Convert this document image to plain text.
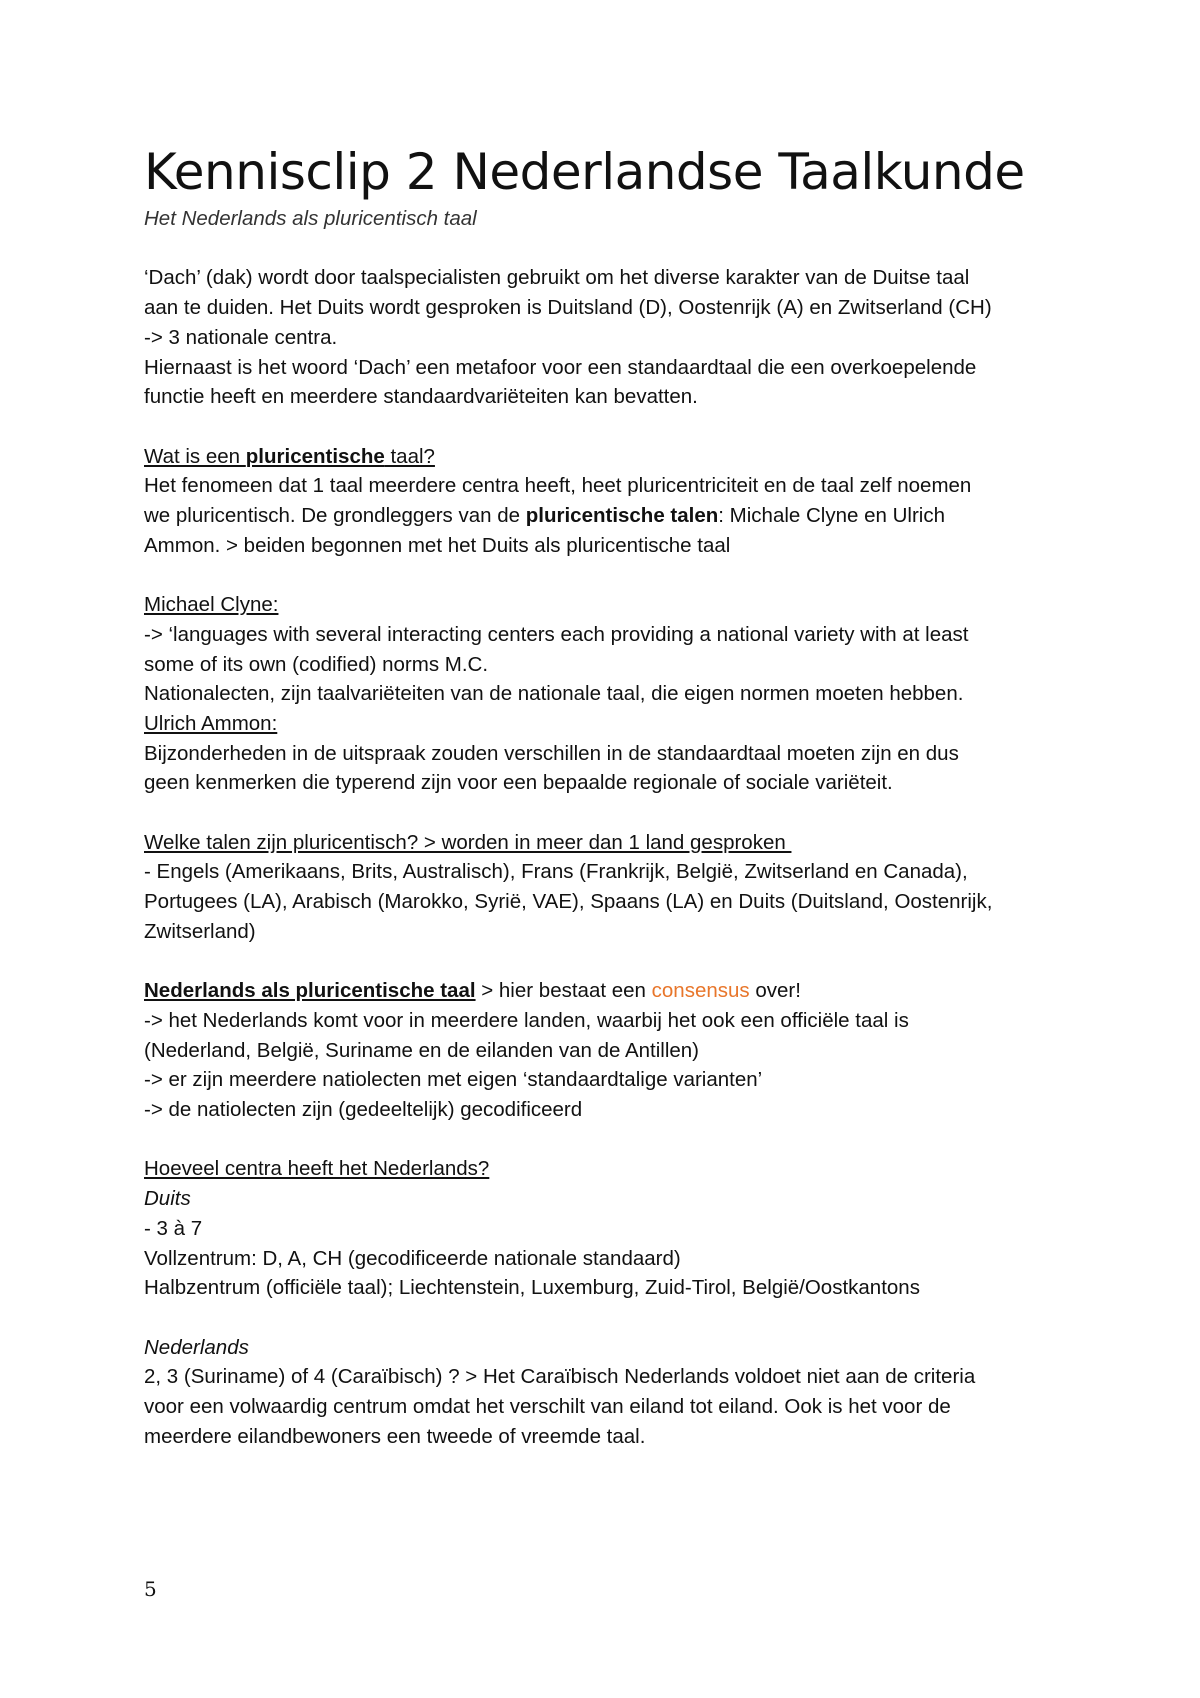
Kennisclip 2 Nederlandse Taalkunde

Het Nederlands als pluricentisch taal

‘Dach’ (dak) wordt door taalspecialisten gebruikt om het diverse karakter van de Duitse taal

aan te duiden. Het Duits wordt gesproken is Duitsland (D), Oostenrijk (A) en Zwitserland (CH)

-> 3 nationale centra.

Hiernaast is het woord ‘Dach’ een metafoor voor een standaardtaal die een overkoepelende

functie heeft en meerdere standaardvariëteiten kan bevatten.

Wat is een pluricentische taal?

Het fenomeen dat 1 taal meerdere centra heeft, heet pluricentriciteit en de taal zelf noemen

we pluricentisch. De grondleggers van de pluricentische talen: Michale Clyne en Ulrich

Ammon. > beiden begonnen met het Duits als pluricentische taal

Michael Clyne:

-> ‘languages with several interacting centers each providing a national variety with at least

some of its own (codified) norms M.C.

Nationalecten, zijn taalvariëteiten van de nationale taal, die eigen normen moeten hebben.

Ulrich Ammon:

Bijzonderheden in de uitspraak zouden verschillen in de standaardtaal moeten zijn en dus

geen kenmerken die typerend zijn voor een bepaalde regionale of sociale variëteit.

Welke talen zijn pluricentisch? > worden in meer dan 1 land gesproken

- Engels (Amerikaans, Brits, Australisch), Frans (Frankrijk, België, Zwitserland en Canada),

Portugees (LA), Arabisch (Marokko, Syrië, VAE), Spaans (LA) en Duits (Duitsland, Oostenrijk,

Zwitserland)

Nederlands als pluricentische taal > hier bestaat een consensus over!

-> het Nederlands komt voor in meerdere landen, waarbij het ook een officiële taal is

(Nederland, België, Suriname en de eilanden van de Antillen)

-> er zijn meerdere natiolecten met eigen ‘standaardtalige varianten’

-> de natiolecten zijn (gedeeltelijk) gecodificeerd

Hoeveel centra heeft het Nederlands?

Duits

- 3 à 7

Vollzentrum: D, A, CH (gecodificeerde nationale standaard)

Halbzentrum (officiële taal); Liechtenstein, Luxemburg, Zuid-Tirol, België/Oostkantons

Nederlands

2, 3 (Suriname) of 4 (Caraïbisch) ? > Het Caraïbisch Nederlands voldoet niet aan de criteria

voor een volwaardig centrum omdat het verschilt van eiland tot eiland. Ook is het voor de

meerdere eilandbewoners een tweede of vreemde taal.

5
